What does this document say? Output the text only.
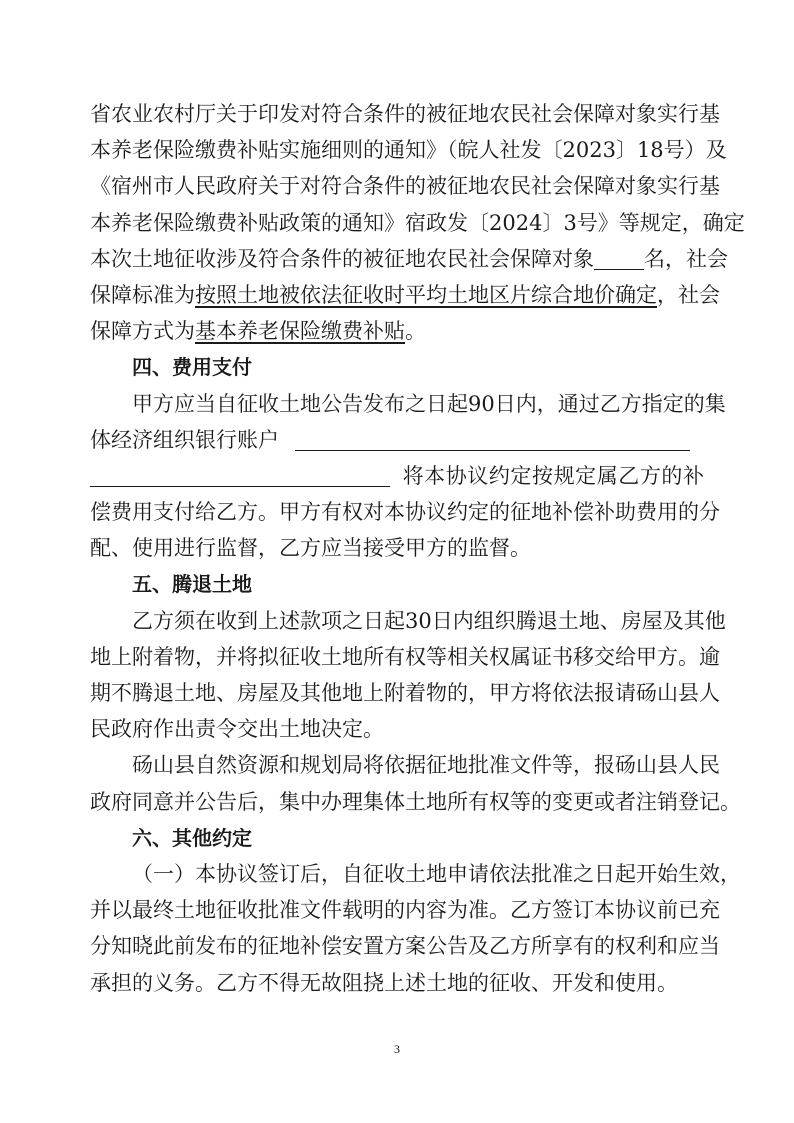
省农业农村厅关于印发对符合条件的被征地农民社会保障对象实行基
本养老保险缴费补贴实施细则的通知》（皖人社发〔2023〕18号）及
《宿州市人民政府关于对符合条件的被征地农民社会保障对象实行基
本养老保险缴费补贴政策的通知》宿政发〔2024〕3号》等规定，确定
本次土地征收涉及符合条件的被征地农民社会保障对象 名，社会
保障标准为按照土地被依法征收时平均土地区片综合地价确定，社会
保障方式为基本养老保险缴费补贴。
四、费用支付
甲方应当自征收土地公告发布之日起90日内，通过乙方指定的集
体经济组织银行账户
将本协议约定按规定属乙方的补
偿费用支付给乙方。甲方有权对本协议约定的征地补偿补助费用的分
配、使用进行监督，乙方应当接受甲方的监督。
五、腾退土地
乙方须在收到上述款项之日起30日内组织腾退土地、房屋及其他
地上附着物，并将拟征收土地所有权等相关权属证书移交给甲方。逾
期不腾退土地、房屋及其他地上附着物的，甲方将依法报请砀山县人
民政府作出责令交出土地决定。
砀山县自然资源和规划局将依据征地批准文件等，报砀山县人民
政府同意并公告后，集中办理集体土地所有权等的变更或者注销登记。
六、其他约定
（一）本协议签订后，自征收土地申请依法批准之日起开始生效，
并以最终土地征收批准文件载明的内容为准。乙方签订本协议前已充
分知晓此前发布的征地补偿安置方案公告及乙方所享有的权利和应当
承担的义务。乙方不得无故阻挠上述土地的征收、开发和使用。
3
